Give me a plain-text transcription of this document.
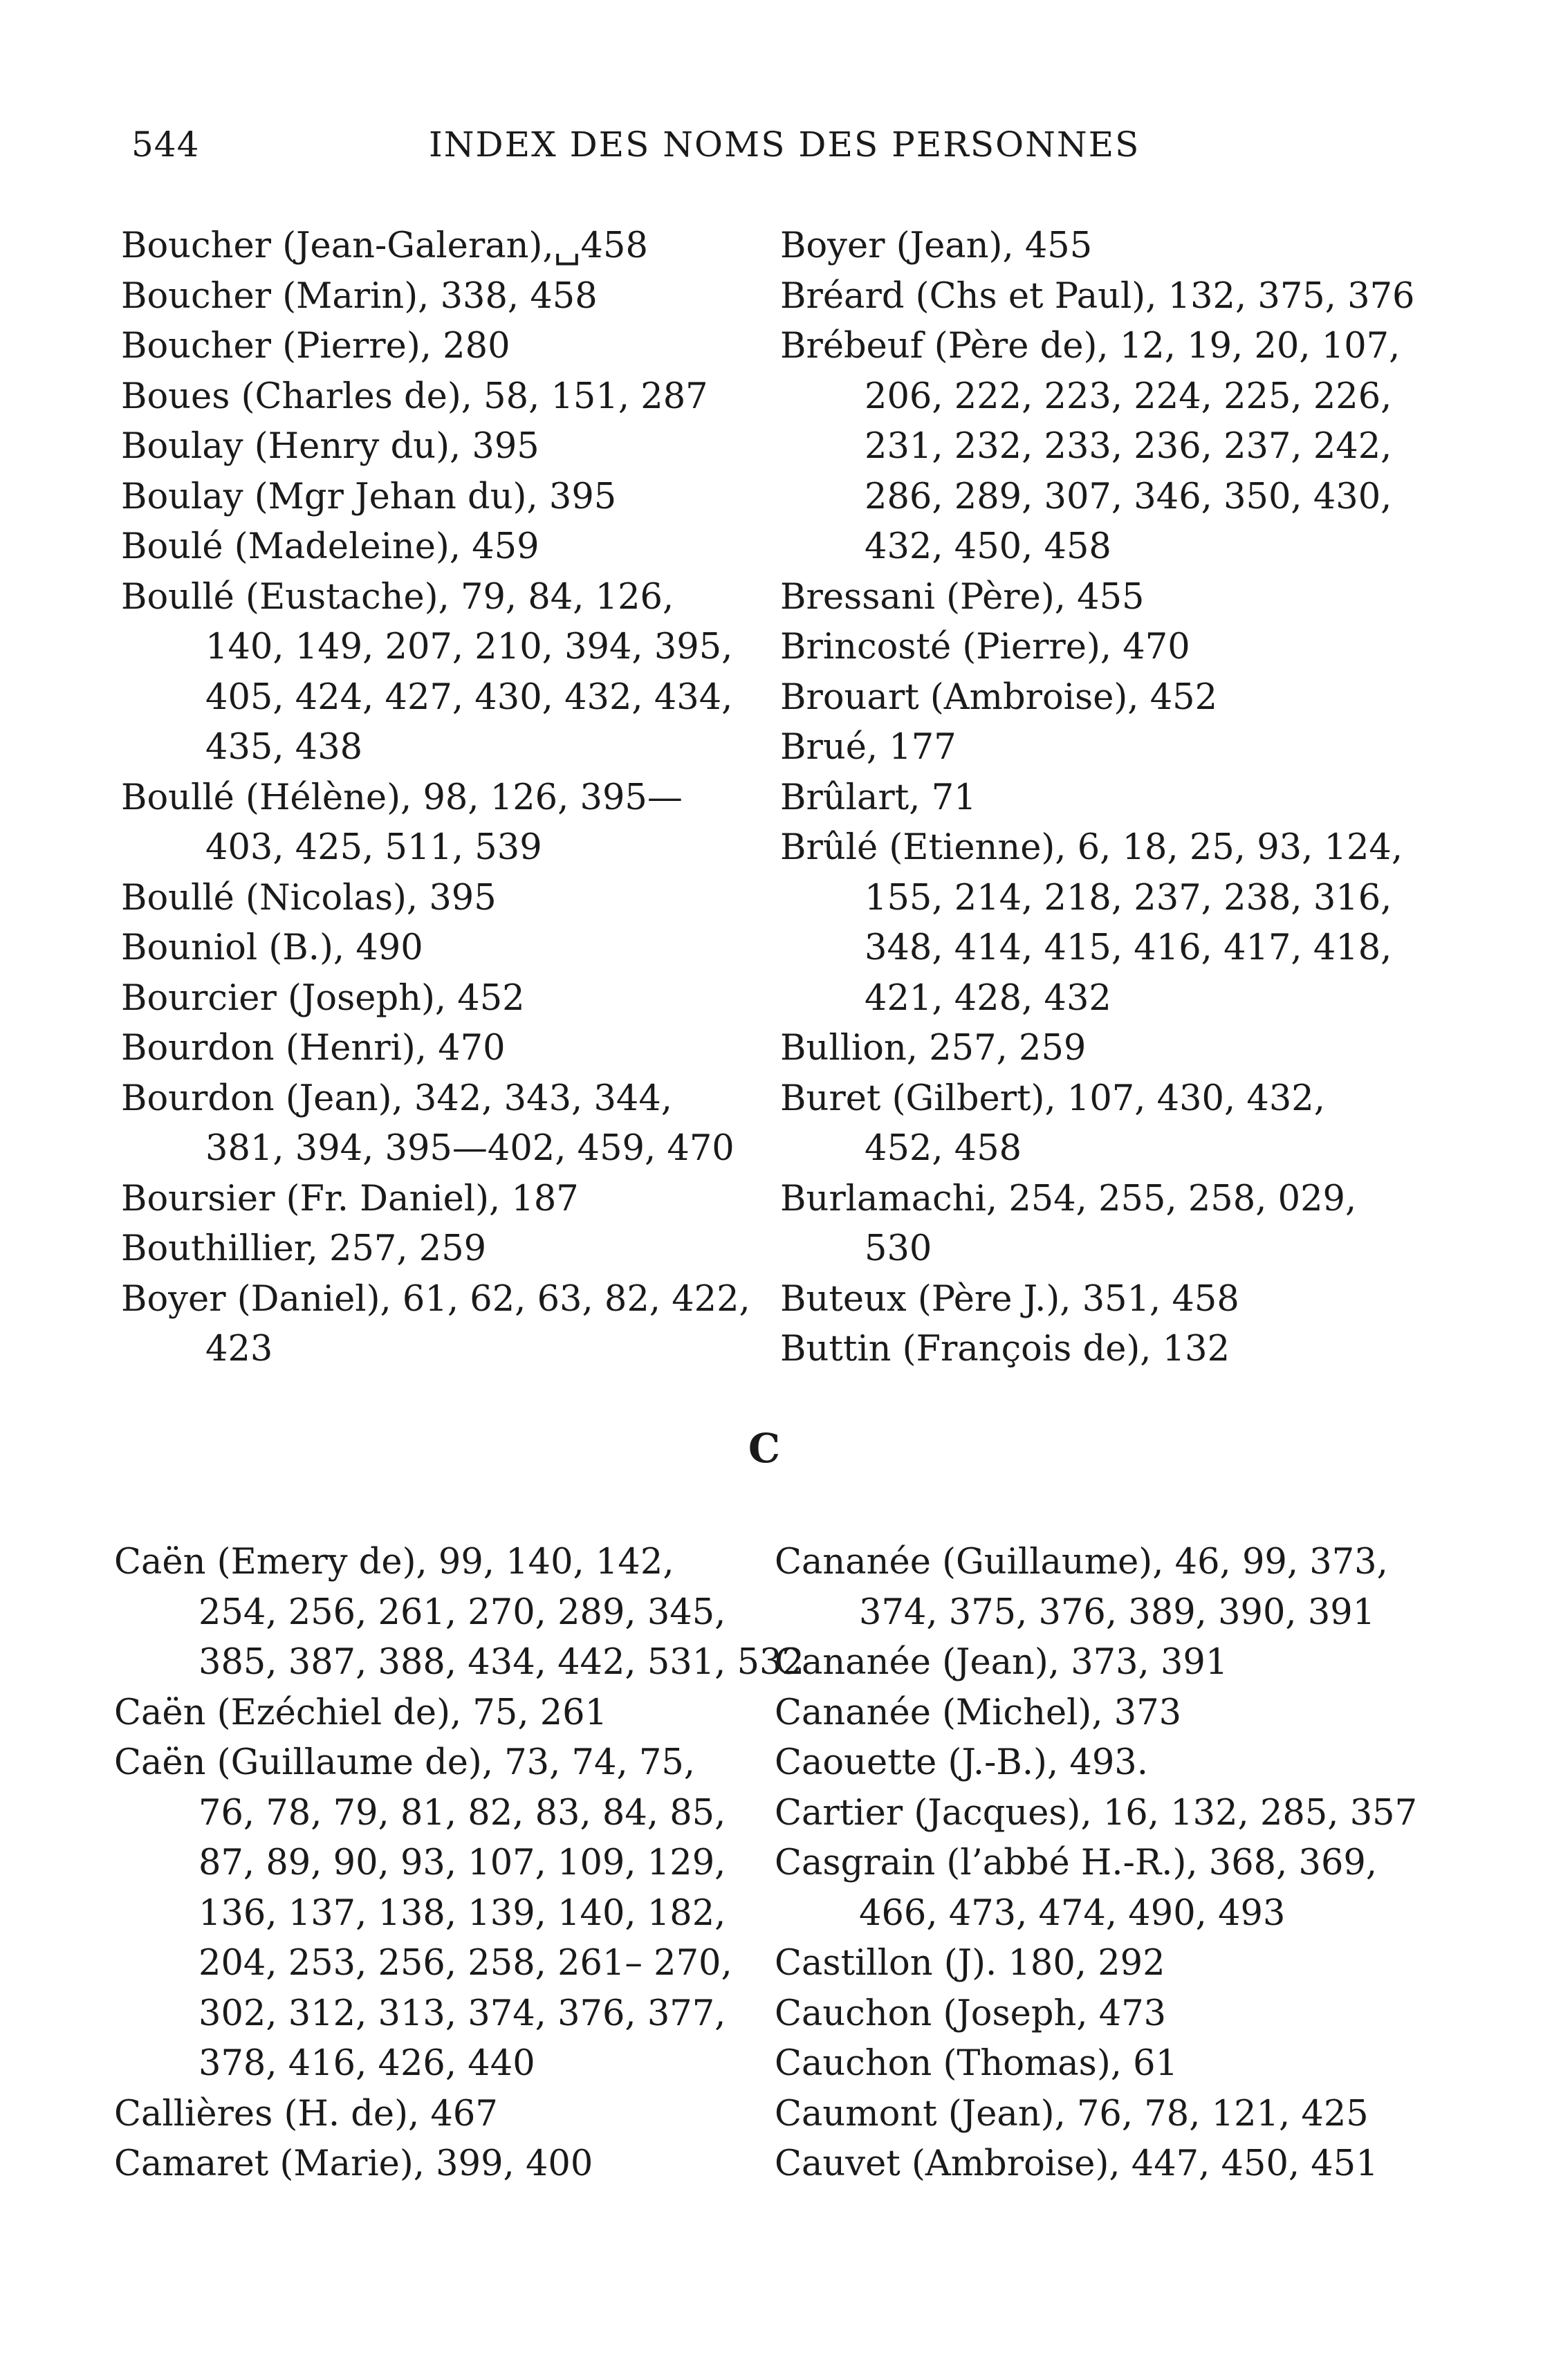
544	INDEX DES NOMS DES PERSONNES
Boucher (Jean-Galeran),␣458
Boucher (Marin), 338, 458
Boucher (Pierre), 280
Boues (Charles de), 58, 151, 287
Boulay (Henry du), 395
Boulay (Mgr Jehan du), 395
Boulé (Madeleine), 459
Boullé (Eustache), 79, 84, 126,
140, 149, 207, 210, 394, 395,
405, 424, 427, 430, 432, 434,
435, 438
Boullé (Hélène), 98, 126, 395—
403, 425, 511, 539
Boullé (Nicolas), 395
Bouniol (B.), 490
Bourcier (Joseph), 452
Bourdon (Henri), 470
Bourdon (Jean), 342, 343, 344,
381, 394, 395—402, 459, 470
Boursier (Fr. Daniel), 187
Bouthillier, 257, 259
Boyer (Daniel), 61, 62, 63, 82, 422,
423
Boyer (Jean), 455
Bréard (Chs et Paul), 132, 375, 376
Brébeuf (Père de), 12, 19, 20, 107,
206, 222, 223, 224, 225, 226,
231, 232, 233, 236, 237, 242,
286, 289, 307, 346, 350, 430,
432, 450, 458
Bressani (Père), 455
Brincosté (Pierre), 470
Brouart (Ambroise), 452
Brué, 177
Brûlart, 71
Brûlé (Etienne), 6, 18, 25, 93, 124,
155, 214, 218, 237, 238, 316,
348, 414, 415, 416, 417, 418,
421, 428, 432
Bullion, 257, 259
Buret (Gilbert), 107, 430, 432,
452, 458
Burlamachi, 254, 255, 258, 029,
530
Buteux (Père J.), 351, 458
Buttin (François de), 132
C
Caën (Emery de), 99, 140, 142,
254, 256, 261, 270, 289, 345,
385, 387, 388, 434, 442, 531, 532
Caën (Ezéchiel de), 75, 261
Caën (Guillaume de), 73, 74, 75,
76, 78, 79, 81, 82, 83, 84, 85,
87, 89, 90, 93, 107, 109, 129,
136, 137, 138, 139, 140, 182,
204, 253, 256, 258, 261– 270,
302, 312, 313, 374, 376, 377,
378, 416, 426, 440
Callières (H. de), 467
Camaret (Marie), 399, 400
Cananée (Guillaume), 46, 99, 373,
374, 375, 376, 389, 390, 391
Cananée (Jean), 373, 391
Cananée (Michel), 373
Caouette (J.-B.), 493.
Cartier (Jacques), 16, 132, 285, 357
Casgrain (l’abbé H.-R.), 368, 369,
466, 473, 474, 490, 493
Castillon (J). 180, 292
Cauchon (Joseph, 473
Cauchon (Thomas), 61
Caumont (Jean), 76, 78, 121, 425
Cauvet (Ambroise), 447, 450, 451
